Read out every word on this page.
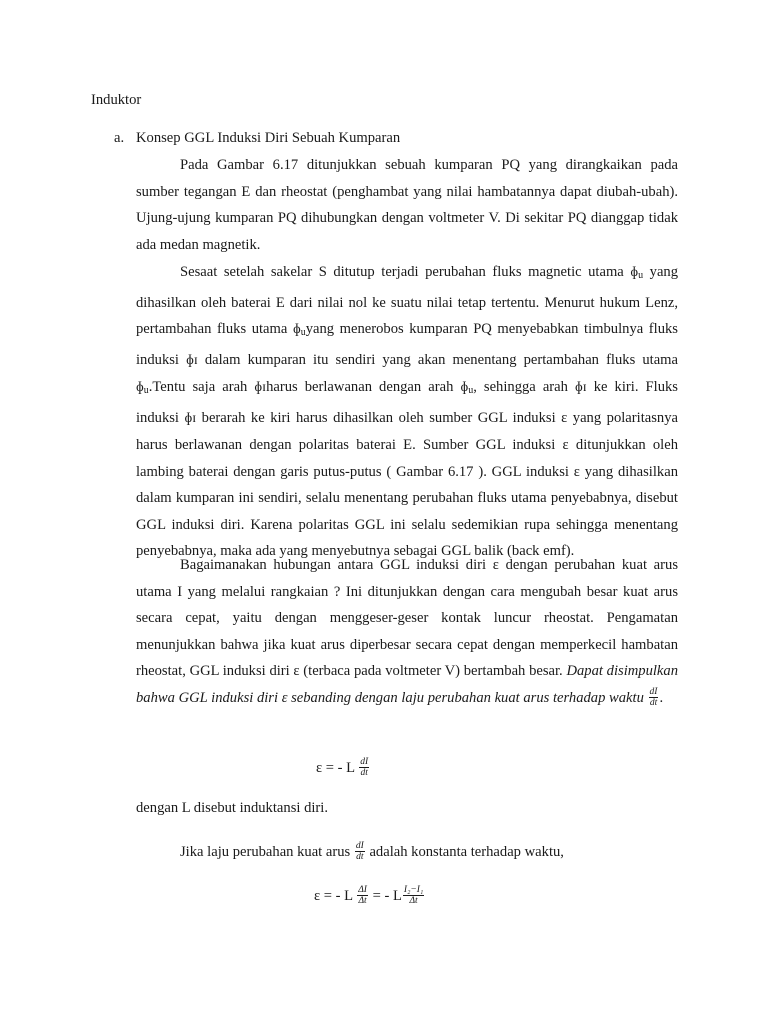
Induktor
a. Konsep GGL Induksi Diri Sebuah Kumparan

Pada Gambar 6.17 ditunjukkan sebuah kumparan PQ yang dirangkaikan pada sumber tegangan E dan rheostat (penghambat yang nilai hambatannya dapat diubah-ubah). Ujung-ujung kumparan PQ dihubungkan dengan voltmeter V. Di sekitar PQ dianggap tidak ada medan magnetik.

Sesaat setelah sakelar S ditutup terjadi perubahan fluks magnetic utama ɸ$_u$ yang dihasilkan oleh baterai E dari nilai nol ke suatu nilai tetap tertentu. Menurut hukum Lenz, pertambahan fluks utama ɸ$_u$yang menerobos kumparan PQ menyebabkan timbulnya fluks induksi ɸɪ dalam kumparan itu sendiri yang akan menentang pertambahan fluks utama ɸ$_u$.Tentu saja arah ɸɪharus berlawanan dengan arah ɸ$_u$, sehingga arah ɸɪ ke kiri. Fluks induksi ɸɪ berarah ke kiri harus dihasilkan oleh sumber GGL induksi ε yang polaritasnya harus berlawanan dengan polaritas baterai E. Sumber GGL induksi ε ditunjukkan oleh lambing baterai dengan garis putus-putus ( Gambar 6.17 ). GGL induksi ε yang dihasilkan dalam kumparan ini sendiri, selalu menentang perubahan fluks utama penyebabnya, disebut GGL induksi diri. Karena polaritas GGL ini selalu sedemikian rupa sehingga menentang penyebabnya, maka ada yang menyebutnya sebagai GGL balik (back emf).

Bagaimanakan hubungan antara GGL induksi diri ε dengan perubahan kuat arus utama I yang melalui rangkaian ? Ini ditunjukkan dengan cara mengubah besar kuat arus secara cepat, yaitu dengan menggeser-geser kontak luncur rheostat. Pengamatan menunjukkan bahwa jika kuat arus diperbesar secara cepat dengan memperkecil hambatan rheostat, GGL induksi diri ε (terbaca pada voltmeter V) bertambah besar. Dapat disimpulkan bahwa GGL induksi diri ε sebanding dengan laju perubahan kuat arus terhadap waktu $\frac{dI}{dt}$ .

ε = - L $\frac{dI}{dt}$
dengan L disebut induktansi diri.
Jika laju perubahan kuat arus $\frac{dI}{dt}$ adalah konstanta terhadap waktu,
ε = - L $\frac{\Delta I}{\Delta t}$ = - L $\frac{\text{I₂−I₁}}{\Delta t}$
